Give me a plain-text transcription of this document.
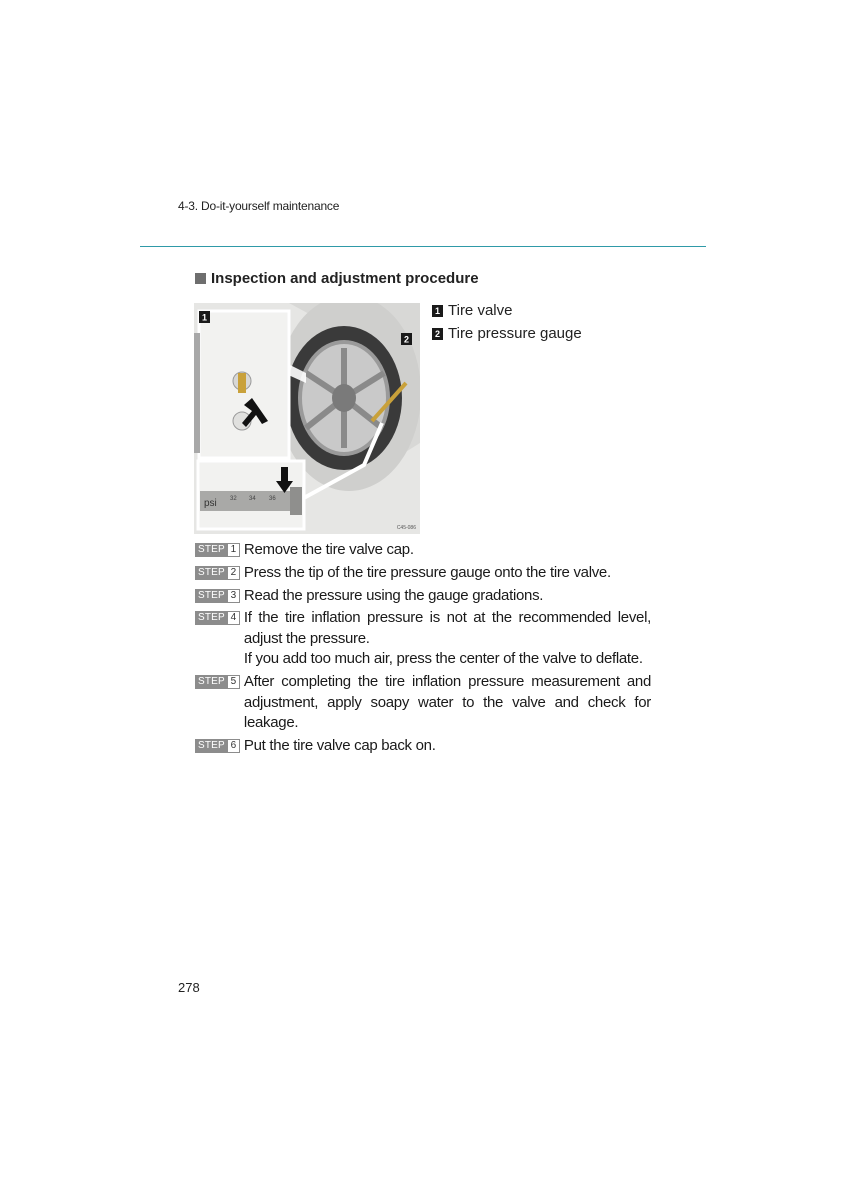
4-3. Do-it-yourself maintenance
Inspection and adjustment procedure
1
2
psi 32 34 36
C45-086
1 Tire valve
2 Tire pressure gauge
STEP 1 Remove the tire valve cap.

STEP 2 Press the tip of the tire pressure gauge onto the tire valve.

STEP 3 Read the pressure using the gauge gradations.

STEP 4 If the tire inflation pressure is not at the recommended level, adjust the pressure.

If you add too much air, press the center of the valve to deflate.

STEP 5 After completing the tire inflation pressure measurement and adjustment, apply soapy water to the valve and check for leakage.

STEP 6 Put the tire valve cap back on.

278
